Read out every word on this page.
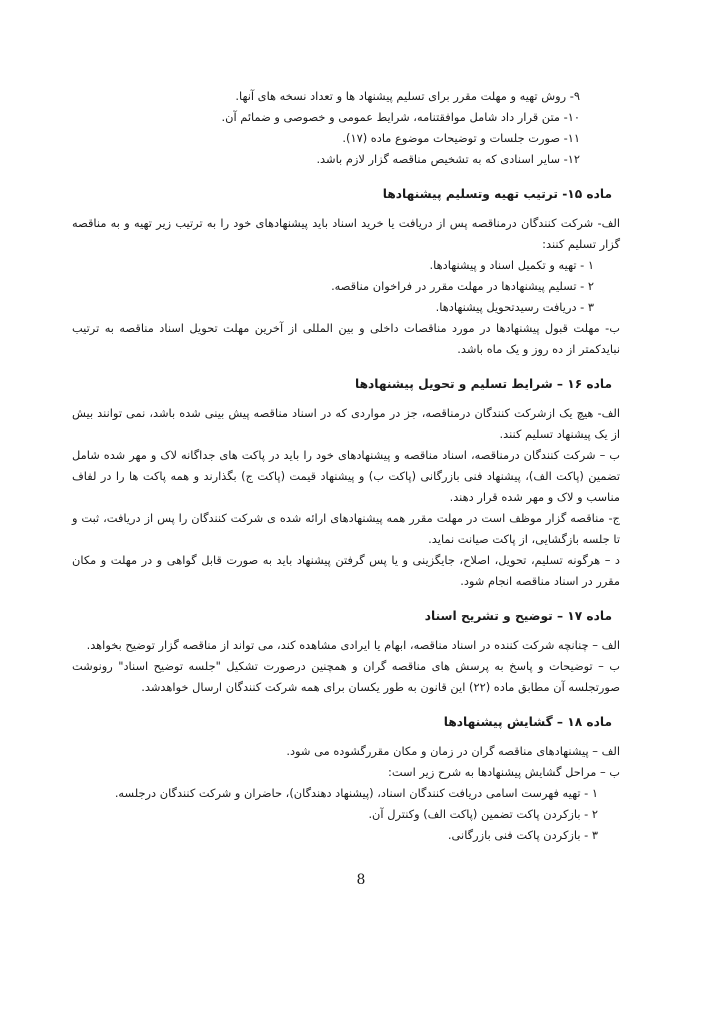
۹- روش تهیه و مهلت مقرر برای تسلیم پیشنهاد ها و تعداد نسخه های آنها.
۱۰- متن قرار داد شامل موافقتنامه، شرایط عمومی و خصوصی و ضمائم آن.
۱۱- صورت جلسات و توضیحات موضوع ماده (۱۷).
۱۲- سایر اسنادی که به تشخیص مناقصه گزار لازم باشد.
ماده ۱۵- ترتیب تهیه وتسلیم پیشنهادها
الف- شرکت کنندگان درمناقصه پس از دریافت یا خرید اسناد باید پیشنهادهای خود را به ترتیب زیر تهیه و به مناقصه گزار تسلیم کنند:
۱ - تهیه و تکمیل اسناد و پیشنهادها.
۲ - تسلیم پیشنهادها در مهلت مقرر در فراخوان مناقصه.
۳ - دریافت رسیدتحویل پیشنهادها.
ب- مهلت قبول پیشنهادها در مورد مناقصات داخلی و بین المللی از آخرین مهلت تحویل اسناد مناقصه به ترتیب نبایدکمتر از ده روز و یک ماه باشد.
ماده ۱۶ – شرایط تسلیم و تحویل پیشنهادها
الف- هیچ یک ازشرکت کنندگان درمناقصه، جز در مواردی که در اسناد مناقصه پیش بینی شده باشد، نمی توانند بیش از یک پیشنهاد تسلیم کنند.
ب – شرکت کنندگان درمناقصه، اسناد مناقصه و پیشنهادهای خود را باید در پاکت های جداگانه لاک و مهر شده شامل تضمین (پاکت الف)، پیشنهاد فنی بازرگانی (پاکت ب) و پیشنهاد قیمت (پاکت ج) بگذارند و همه پاکت ها را در لفاف مناسب و لاک و مهر شده قرار دهند.
ج- مناقصه گزار موظف است در مهلت مقرر همه پیشنهادهای ارائه شده ی شرکت کنندگان را پس از دریافت، ثبت و تا جلسه بازگشایی، از پاکت صیانت نماید.
د – هرگونه تسلیم، تحویل، اصلاح، جایگزینی و یا پس گرفتن پیشنهاد باید به صورت قابل گواهی و در مهلت و مکان مقرر در اسناد مناقصه انجام شود.
ماده ۱۷ – توضیح و تشریح اسناد
الف – چنانچه شرکت کننده در اسناد مناقصه، ابهام یا ایرادی مشاهده کند، می تواند از مناقصه گزار توضیح بخواهد.
ب – توضیحات و پاسخ به پرسش های مناقصه گران و همچنین درصورت تشکیل "جلسه توضیح اسناد" رونوشت صورتجلسه آن مطابق ماده (۲۲) این قانون به طور یکسان برای همه شرکت کنندگان ارسال خواهدشد.
ماده ۱۸ – گشایش پیشنهادها
الف – پیشنهادهای مناقصه گران در زمان و مکان مقررگشوده می شود.
ب – مراحل گشایش پیشنهادها به شرح زیر است:
۱ - تهیه فهرست اسامی دریافت کنندگان اسناد، (پیشنهاد دهندگان)، حاضران و شرکت کنندگان درجلسه.
۲ - بازکردن پاکت تضمین (پاکت الف) وکنترل آن.
۳ - بازکردن پاکت فنی بازرگانی.
8
